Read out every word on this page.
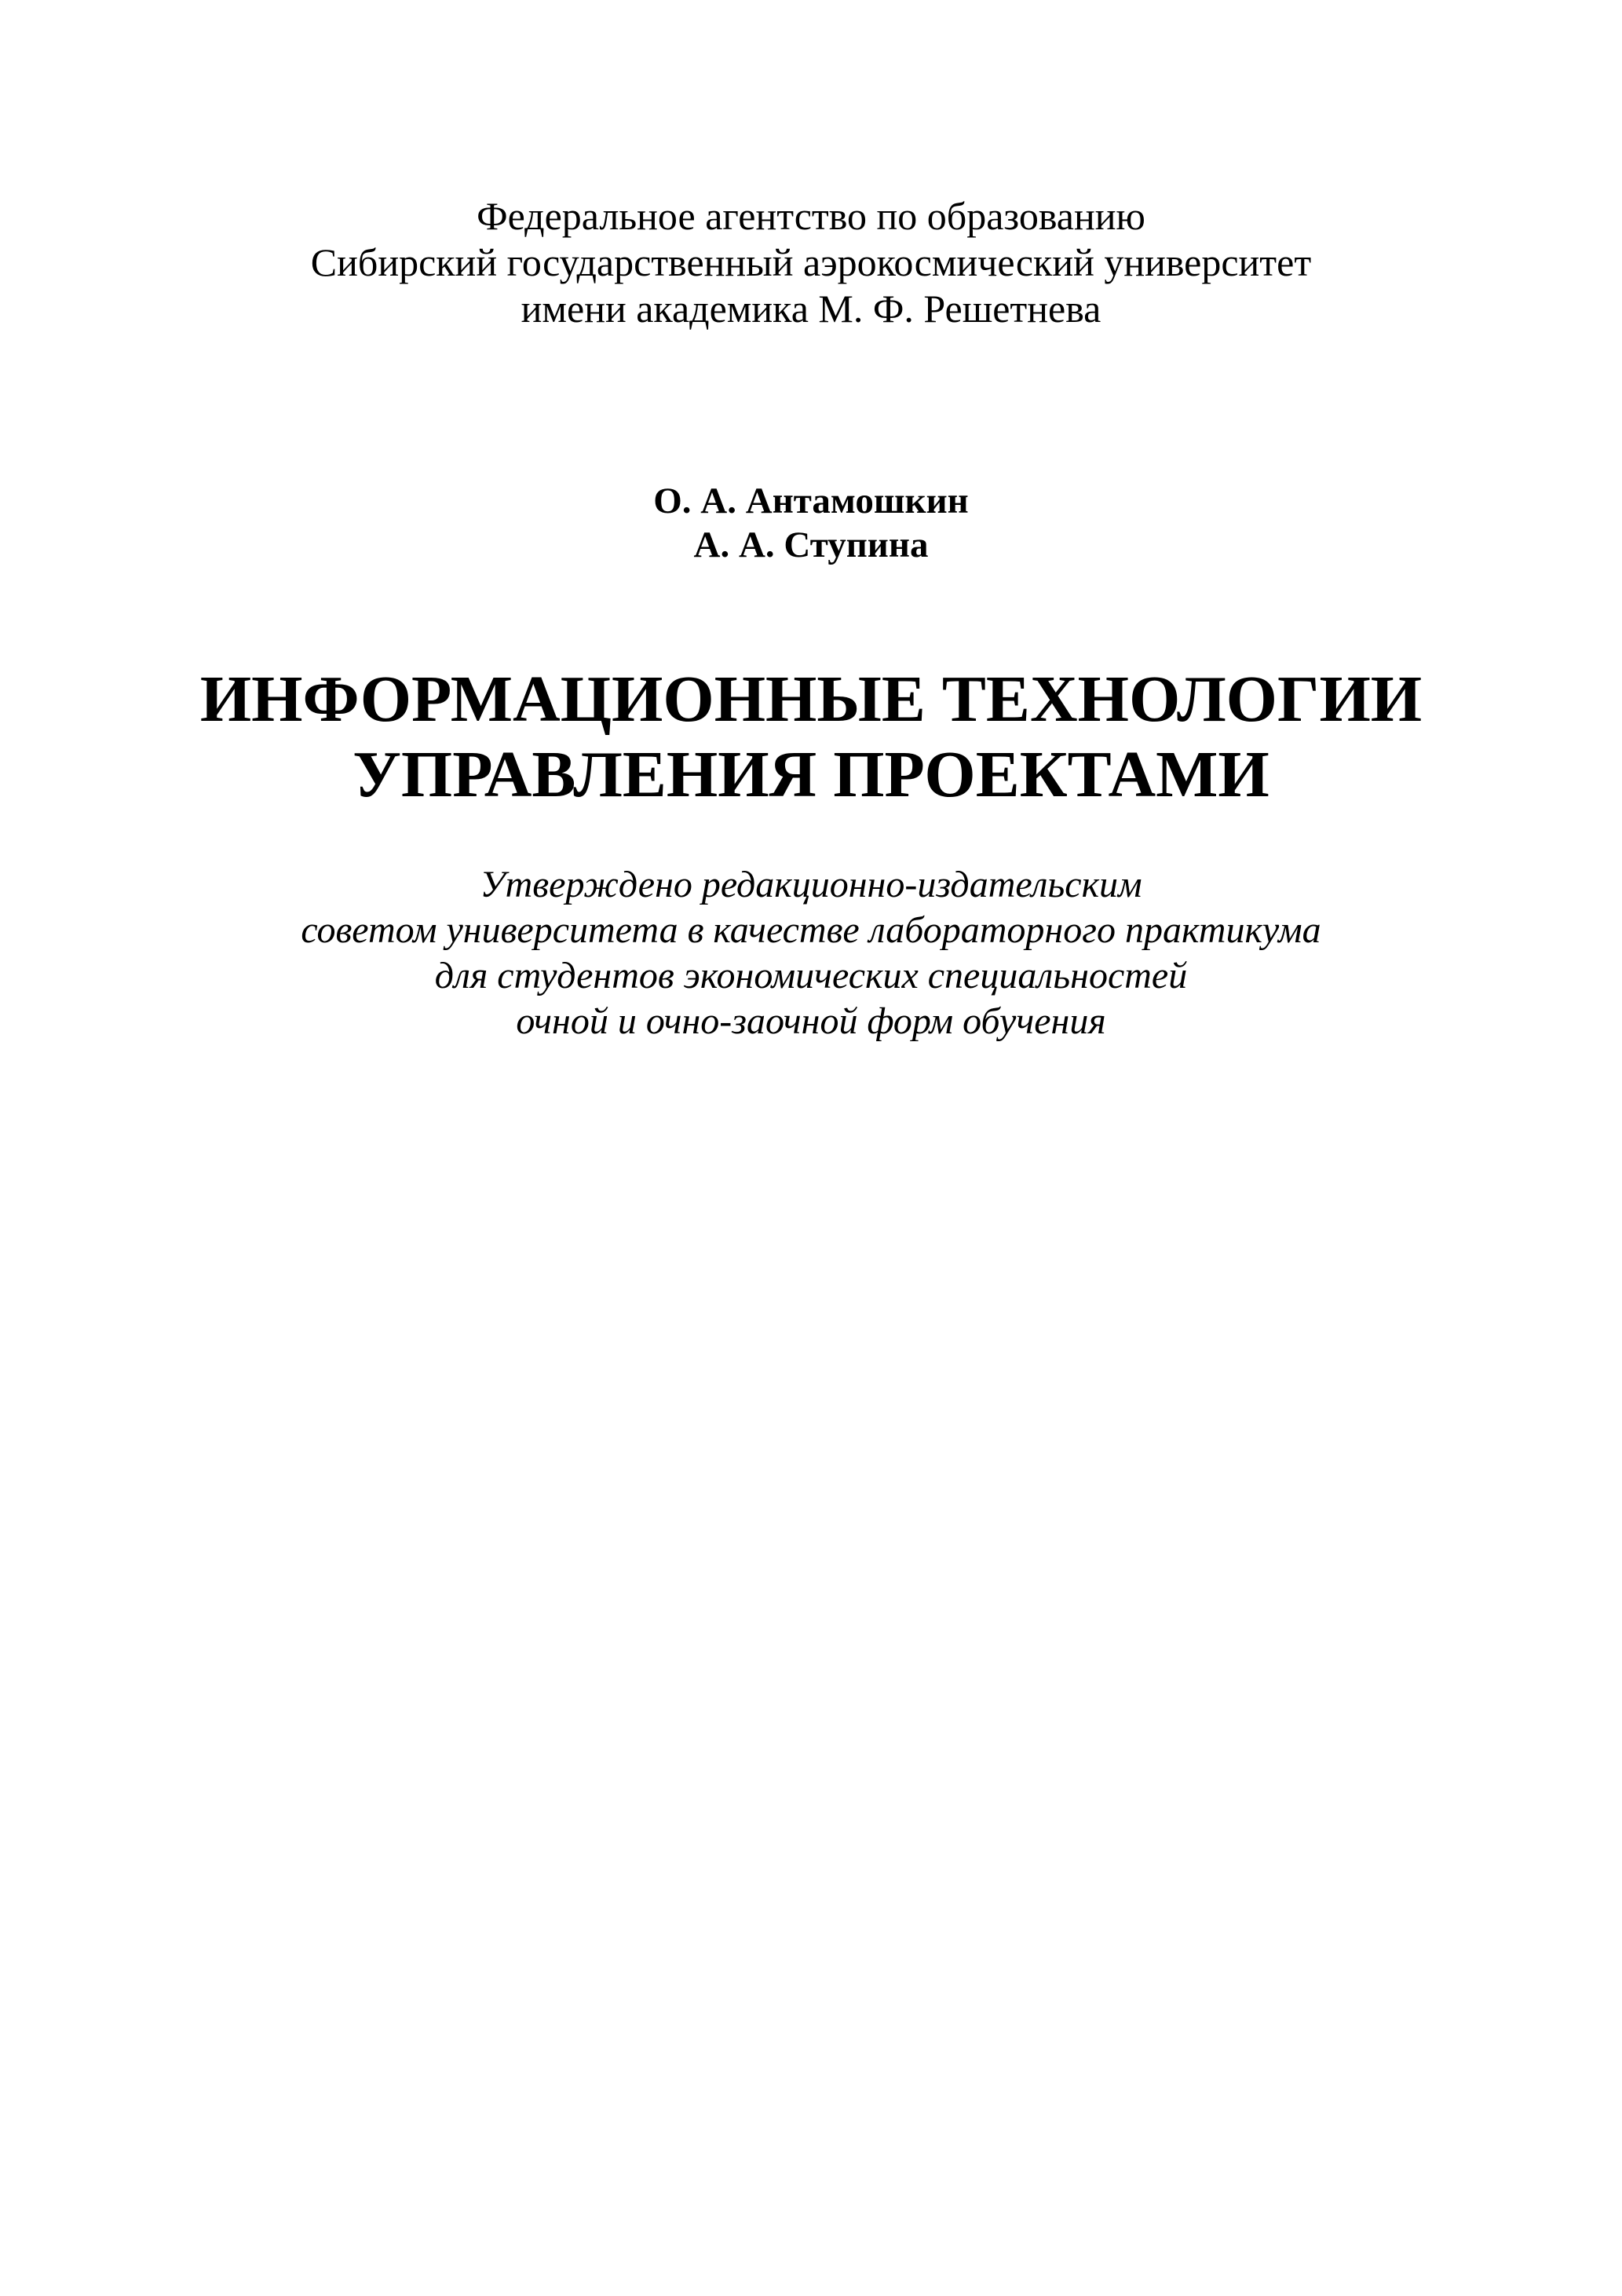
Федеральное агентство по образованию
Сибирский государственный аэрокосмический университет
имени академика М. Ф. Решетнева
О. А. Антамошкин
А. А. Ступина
ИНФОРМАЦИОННЫЕ ТЕХНОЛОГИИ
УПРАВЛЕНИЯ ПРОЕКТАМИ
Утверждено редакционно-издательским
советом университета в качестве лабораторного практикума
для студентов экономических специальностей
очной и очно-заочной форм обучения
